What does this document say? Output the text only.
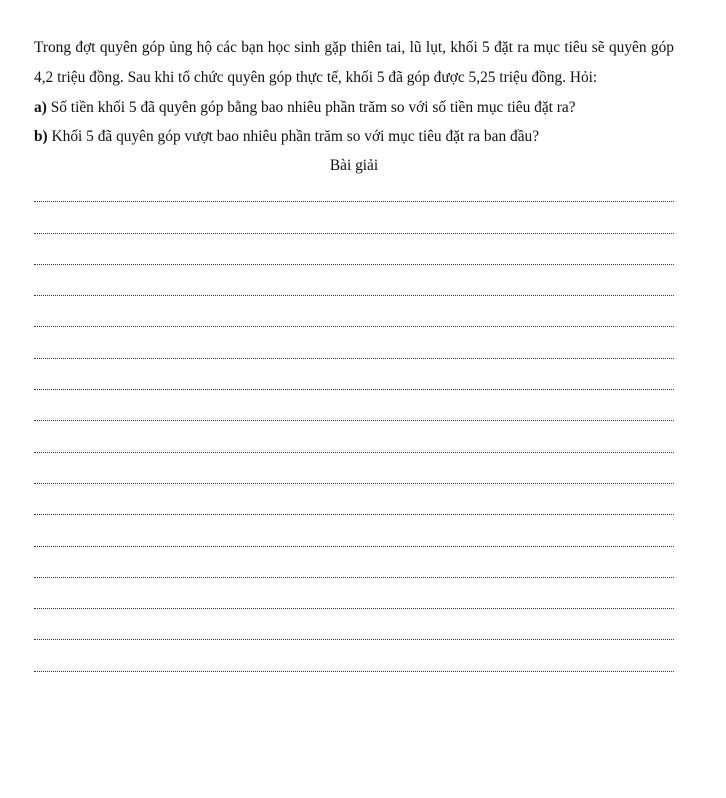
Trong đợt quyên góp ủng hộ các bạn học sinh gặp thiên tai, lũ lụt, khối 5 đặt ra mục tiêu sẽ quyên góp 4,2 triệu đồng. Sau khi tổ chức quyên góp thực tế, khối 5 đã góp được 5,25 triệu đồng. Hỏi:

a) Số tiền khối 5 đã quyên góp bằng bao nhiêu phần trăm so với số tiền mục tiêu đặt ra?

b) Khối 5 đã quyên góp vượt bao nhiêu phần trăm so với mục tiêu đặt ra ban đầu?

Bài giải
